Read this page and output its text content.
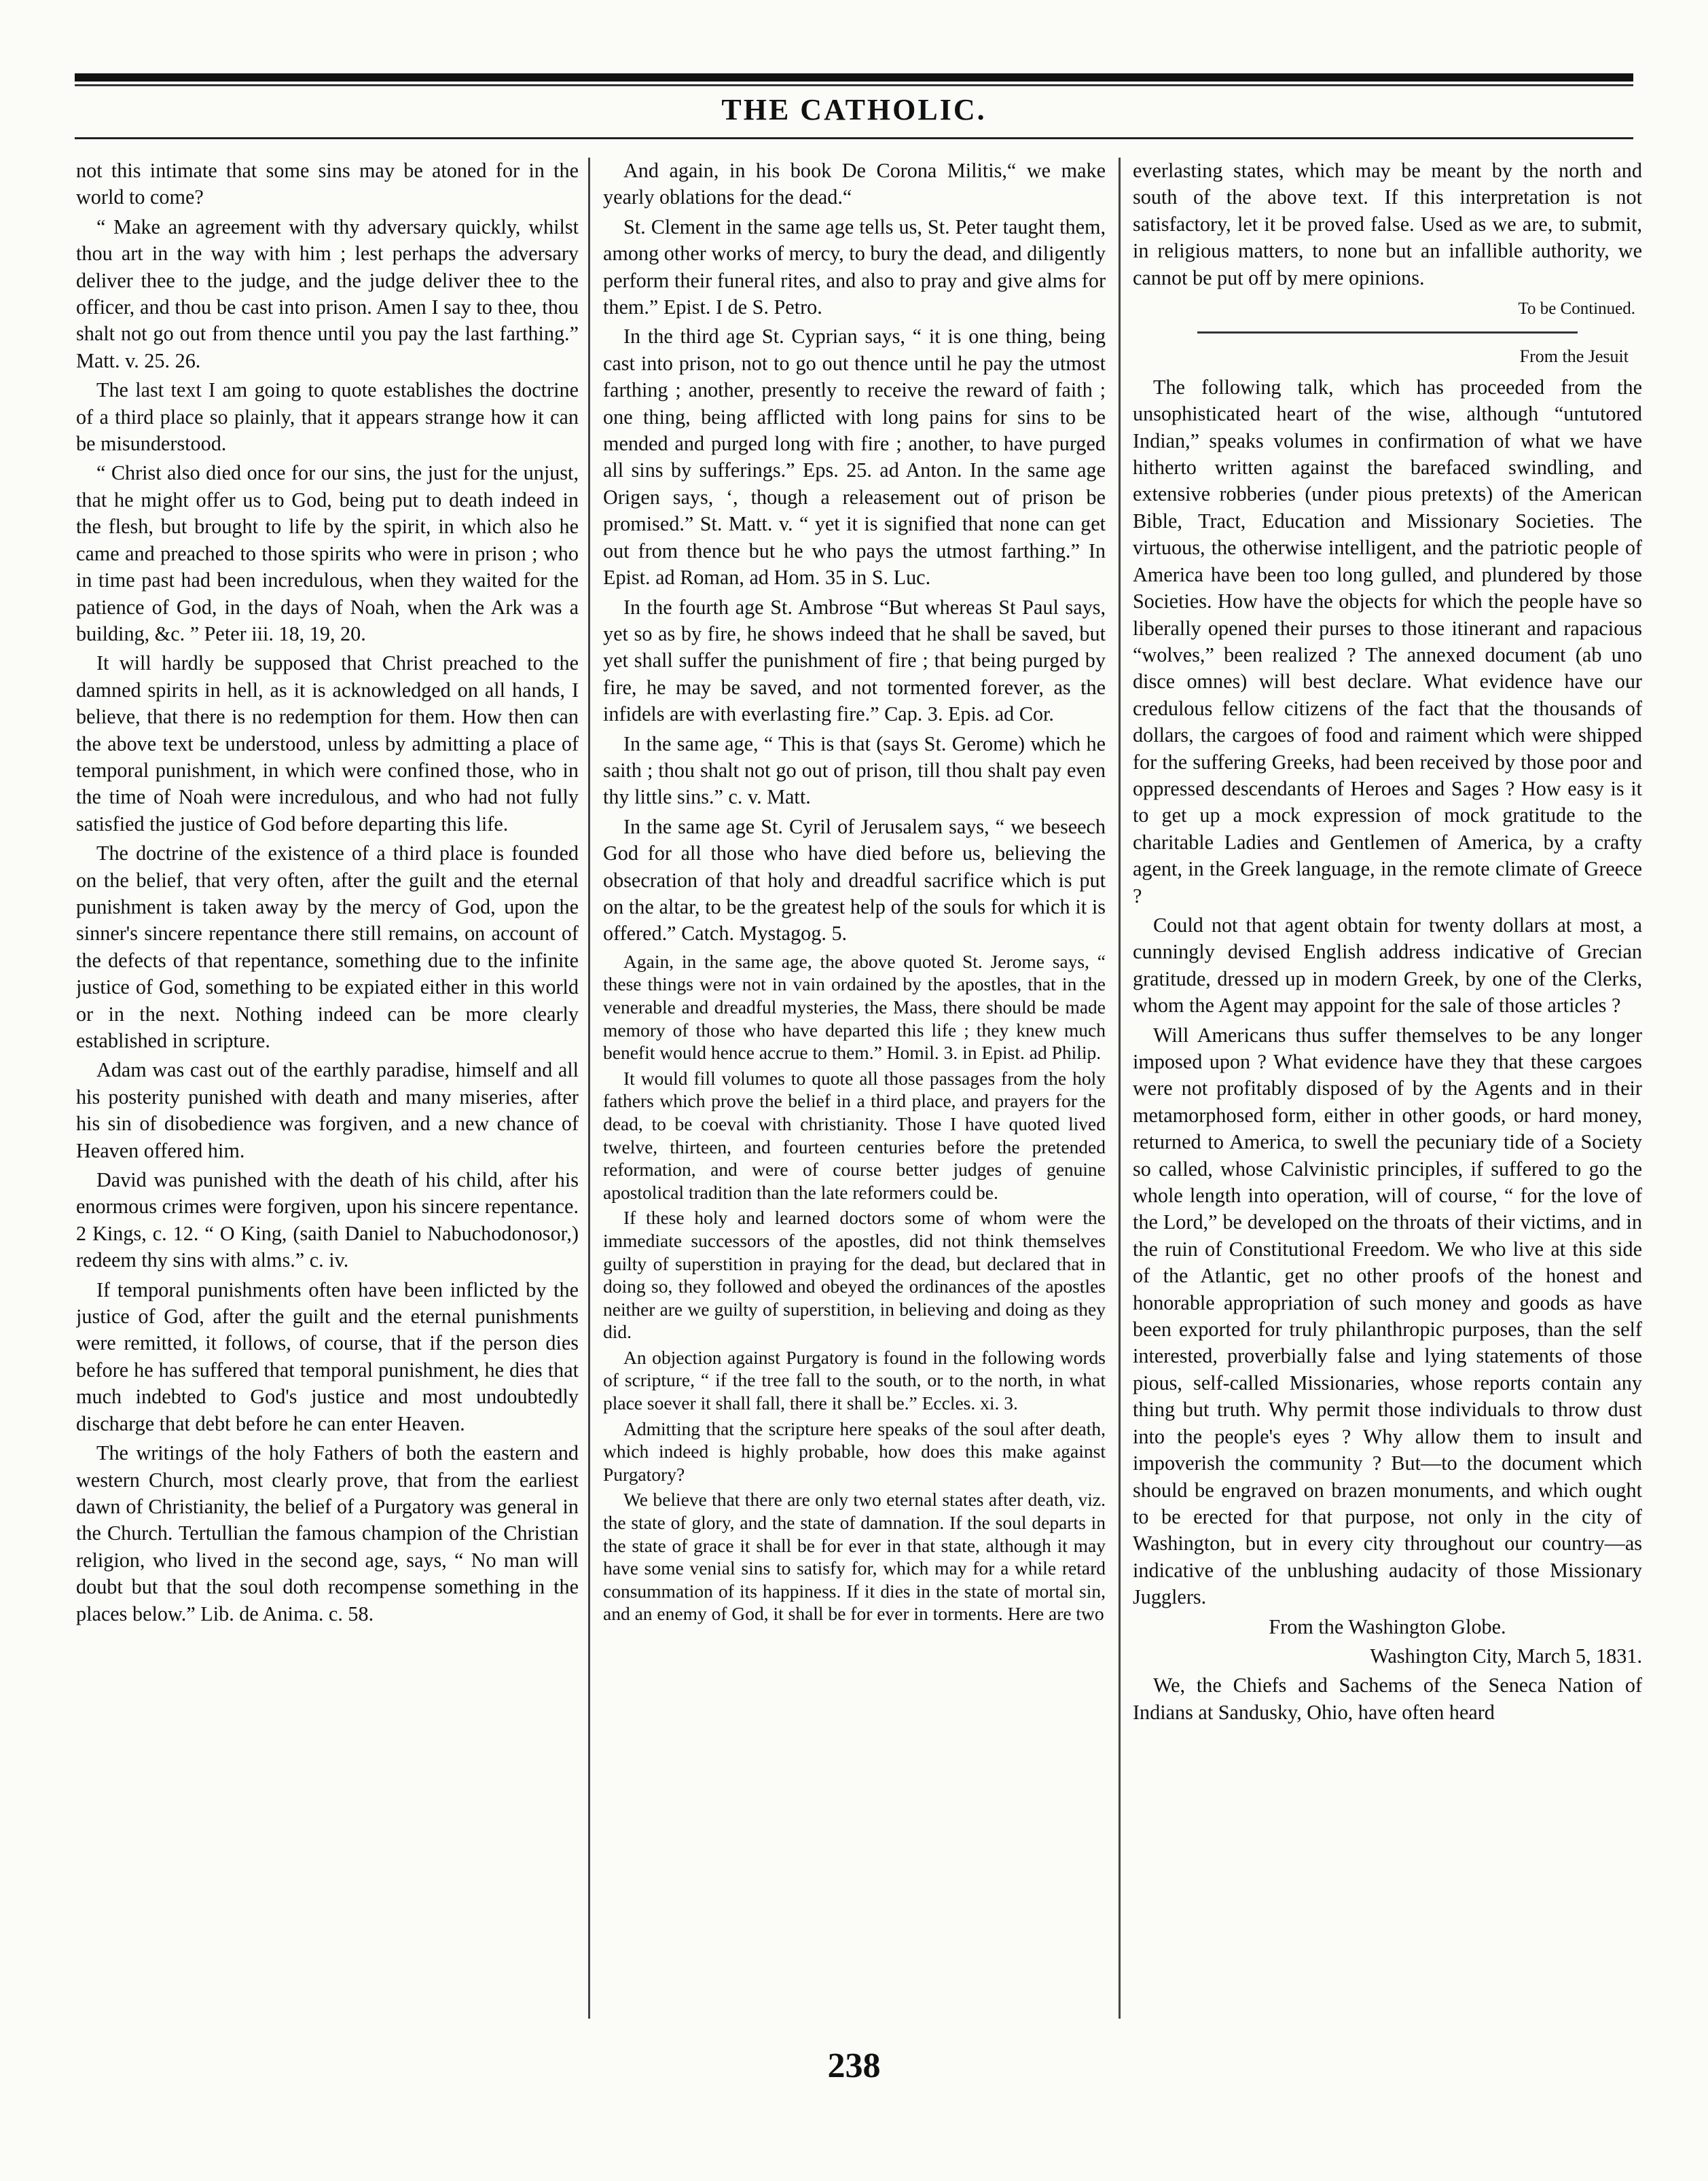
THE CATHOLIC.

not this intimate that some sins may be atoned for in the world to come?

“ Make an agreement with thy adversary quickly, whilst thou art in the way with him ; lest perhaps the adversary deliver thee to the judge, and the judge deliver thee to the officer, and thou be cast into prison. Amen I say to thee, thou shalt not go out from thence until you pay the last farthing.” Matt. v. 25. 26.

The last text I am going to quote establishes the doctrine of a third place so plainly, that it appears strange how it can be misunderstood.

“ Christ also died once for our sins, the just for the unjust, that he might offer us to God, being put to death indeed in the flesh, but brought to life by the spirit, in which also he came and preached to those spirits who were in prison ; who in time past had been incredulous, when they waited for the patience of God, in the days of Noah, when the Ark was a building, &c. ” Peter iii. 18, 19, 20.

It will hardly be supposed that Christ preached to the damned spirits in hell, as it is acknowledged on all hands, I believe, that there is no redemption for them. How then can the above text be understood, unless by admitting a place of temporal punishment, in which were confined those, who in the time of Noah were incredulous, and who had not fully satisfied the justice of God before departing this life.

The doctrine of the existence of a third place is founded on the belief, that very often, after the guilt and the eternal punishment is taken away by the mercy of God, upon the sinner's sincere repentance there still remains, on account of the defects of that repentance, something due to the infinite justice of God, something to be expiated either in this world or in the next. Nothing indeed can be more clearly established in scripture.

Adam was cast out of the earthly paradise, himself and all his posterity punished with death and many miseries, after his sin of disobedience was forgiven, and a new chance of Heaven offered him.

David was punished with the death of his child, after his enormous crimes were forgiven, upon his sincere repentance. 2 Kings, c. 12. “ O King, (saith Daniel to Nabuchodonosor,) redeem thy sins with alms.” c. iv.

If temporal punishments often have been inflicted by the justice of God, after the guilt and the eternal punishments were remitted, it follows, of course, that if the person dies before he has suffered that temporal punishment, he dies that much indebted to God's justice and most undoubtedly discharge that debt before he can enter Heaven.

The writings of the holy Fathers of both the eastern and western Church, most clearly prove, that from the earliest dawn of Christianity, the belief of a Purgatory was general in the Church. Tertullian the famous champion of the Christian religion, who lived in the second age, says, “ No man will doubt but that the soul doth recompense something in the places below.” Lib. de Anima. c. 58.

And again, in his book De Corona Militis,“ we make yearly oblations for the dead.“

St. Clement in the same age tells us, St. Peter taught them, among other works of mercy, to bury the dead, and diligently perform their funeral rites, and also to pray and give alms for them.” Epist. I de S. Petro.

In the third age St. Cyprian says, “ it is one thing, being cast into prison, not to go out thence until he pay the utmost farthing ; another, presently to receive the reward of faith ; one thing, being afflicted with long pains for sins to be mended and purged long with fire ; another, to have purged all sins by sufferings.” Eps. 25. ad Anton. In the same age Origen says, ‘, though a releasement out of prison be promised.” St. Matt. v. “ yet it is signified that none can get out from thence but he who pays the utmost farthing.” In Epist. ad Roman, ad Hom. 35 in S. Luc.

In the fourth age St. Ambrose “But whereas St Paul says, yet so as by fire, he shows indeed that he shall be saved, but yet shall suffer the punishment of fire ; that being purged by fire, he may be saved, and not tormented forever, as the infidels are with everlasting fire.” Cap. 3. Epis. ad Cor.

In the same age, “ This is that (says St. Gerome) which he saith ; thou shalt not go out of prison, till thou shalt pay even thy little sins.” c. v. Matt.

In the same age St. Cyril of Jerusalem says, “ we beseech God for all those who have died before us, believing the obsecration of that holy and dreadful sacrifice which is put on the altar, to be the greatest help of the souls for which it is offered.” Catch. Mystagog. 5.

Again, in the same age, the above quoted St. Jerome says, “ these things were not in vain ordained by the apostles, that in the venerable and dreadful mysteries, the Mass, there should be made memory of those who have departed this life ; they knew much benefit would hence accrue to them.” Homil. 3. in Epist. ad Philip.

It would fill volumes to quote all those passages from the holy fathers which prove the belief in a third place, and prayers for the dead, to be coeval with christianity. Those I have quoted lived twelve, thirteen, and fourteen centuries before the pretended reformation, and were of course better judges of genuine apostolical tradition than the late reformers could be.

If these holy and learned doctors some of whom were the immediate successors of the apostles, did not think themselves guilty of superstition in praying for the dead, but declared that in doing so, they followed and obeyed the ordinances of the apostles neither are we guilty of superstition, in believing and doing as they did.

An objection against Purgatory is found in the following words of scripture, “ if the tree fall to the south, or to the north, in what place soever it shall fall, there it shall be.” Eccles. xi. 3.

Admitting that the scripture here speaks of the soul after death, which indeed is highly probable, how does this make against Purgatory?

We believe that there are only two eternal states after death, viz. the state of glory, and the state of damnation. If the soul departs in the state of grace it shall be for ever in that state, although it may have some venial sins to satisfy for, which may for a while retard consummation of its happiness. If it dies in the state of mortal sin, and an enemy of God, it shall be for ever in torments. Here are two

everlasting states, which may be meant by the north and south of the above text. If this interpretation is not satisfactory, let it be proved false. Used as we are, to submit, in religious matters, to none but an infallible authority, we cannot be put off by mere opinions.

To be Continued.

From the Jesuit

The following talk, which has proceeded from the unsophisticated heart of the wise, although “untutored Indian,” speaks volumes in confirmation of what we have hitherto written against the barefaced swindling, and extensive robberies (under pious pretexts) of the American Bible, Tract, Education and Missionary Societies. The virtuous, the otherwise intelligent, and the patriotic people of America have been too long gulled, and plundered by those Societies. How have the objects for which the people have so liberally opened their purses to those itinerant and rapacious “wolves,” been realized ? The annexed document (ab uno disce omnes) will best declare. What evidence have our credulous fellow citizens of the fact that the thousands of dollars, the cargoes of food and raiment which were shipped for the suffering Greeks, had been received by those poor and oppressed descendants of Heroes and Sages ? How easy is it to get up a mock expression of mock gratitude to the charitable Ladies and Gentlemen of America, by a crafty agent, in the Greek language, in the remote climate of Greece ?

Could not that agent obtain for twenty dollars at most, a cunningly devised English address indicative of Grecian gratitude, dressed up in modern Greek, by one of the Clerks, whom the Agent may appoint for the sale of those articles ?

Will Americans thus suffer themselves to be any longer imposed upon ? What evidence have they that these cargoes were not profitably disposed of by the Agents and in their metamorphosed form, either in other goods, or hard money, returned to America, to swell the pecuniary tide of a Society so called, whose Calvinistic principles, if suffered to go the whole length into operation, will of course, “ for the love of the Lord,” be developed on the throats of their victims, and in the ruin of Constitutional Freedom. We who live at this side of the Atlantic, get no other proofs of the honest and honorable appropriation of such money and goods as have been exported for truly philanthropic purposes, than the self interested, proverbially false and lying statements of those pious, self-called Missionaries, whose reports contain any thing but truth. Why permit those individuals to throw dust into the people's eyes ? Why allow them to insult and impoverish the community ? But—to the document which should be engraved on brazen monuments, and which ought to be erected for that purpose, not only in the city of Washington, but in every city throughout our country—as indicative of the unblushing audacity of those Missionary Jugglers.

From the Washington Globe.

Washington City, March 5, 1831.

We, the Chiefs and Sachems of the Seneca Nation of Indians at Sandusky, Ohio, have often heard

238
